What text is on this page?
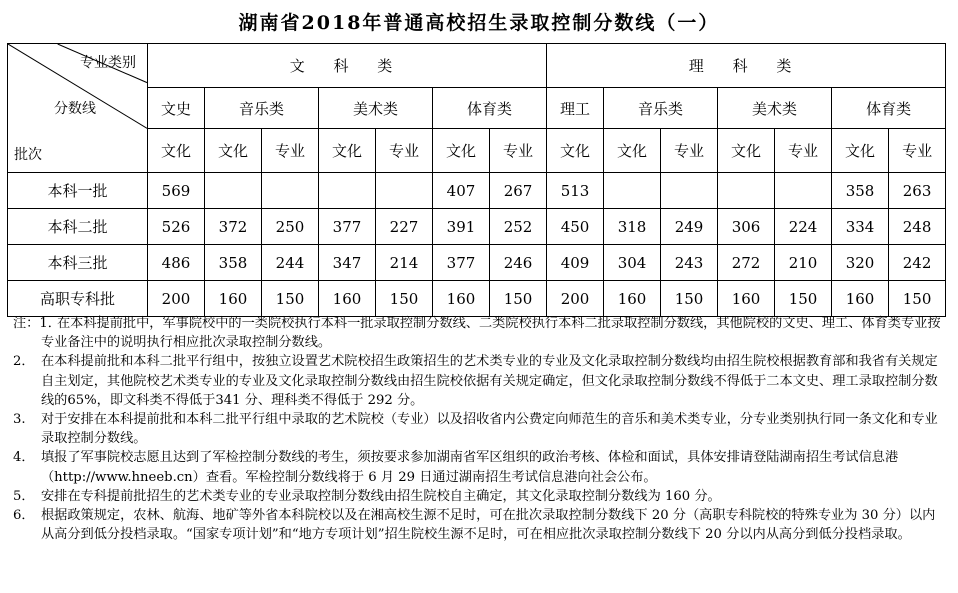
湖南省2018年普通高校招生录取控制分数线（一）
专业类别
分数线
批次	文 科 类							理 科 类						
	文史	音乐类		美术类		体育类		理工	音乐类		美术类		体育类	
	文化	文化	专业	文化	专业	文化	专业	文化	文化	专业	文化	专业	文化	专业
本科一批	569					407	267	513					358	263
本科二批	526	372	250	377	227	391	252	450	318	249	306	224	334	248
本科三批	486	358	244	347	214	377	246	409	304	243	272	210	320	242
高职专科批	200	160	150	160	150	160	150	200	160	150	160	150	160	150
注：1．
在本科提前批中，军事院校中的一类院校执行本科一批录取控制分数线、二类院校执行本科二批录取控制分数线，其他院校的文史、理工、体育类专业按专业备注中的说明执行相应批次录取控制分数线。
2． 在本科提前批和本科二批平行组中，按独立设置艺术院校招生政策招生的艺术类专业的专业及文化录取控制分数线均由招生院校根据教育部和我省有关规定自主划定，其他院校艺术类专业的专业及文化录取控制分数线由招生院校依据有关规定确定，但文化录取控制分数线不得低于二本文史、理工录取控制分数线的65%，即文科类不得低于341 分、理科类不得低于 292 分。
3. 对于安排在本科提前批和本科二批平行组中录取的艺术院校（专业）以及招收省内公费定向师范生的音乐和美术类专业，分专业类别执行同一条文化和专业录取控制分数线。
4． 填报了军事院校志愿且达到了军检控制分数线的考生，须按要求参加湖南省军区组织的政治考核、体检和面试，具体安排请登陆湖南招生考试信息港（http://www.hneeb.cn）查看。军检控制分数线将于 6 月 29 日通过湖南招生考试信息港向社会公布。
5． 安排在专科提前批招生的艺术类专业的专业录取控制分数线由招生院校自主确定，其文化录取控制分数线为 160 分。
6． 根据政策规定，农林、航海、地矿等外省本科院校以及在湘高校生源不足时，可在批次录取控制分数线下 20 分（高职专科院校的特殊专业为 30 分）以内从高分到低分投档录取。“国家专项计划”和“地方专项计划”招生院校生源不足时，可在相应批次录取控制分数线下 20 分以内从高分到低分投档录取。
